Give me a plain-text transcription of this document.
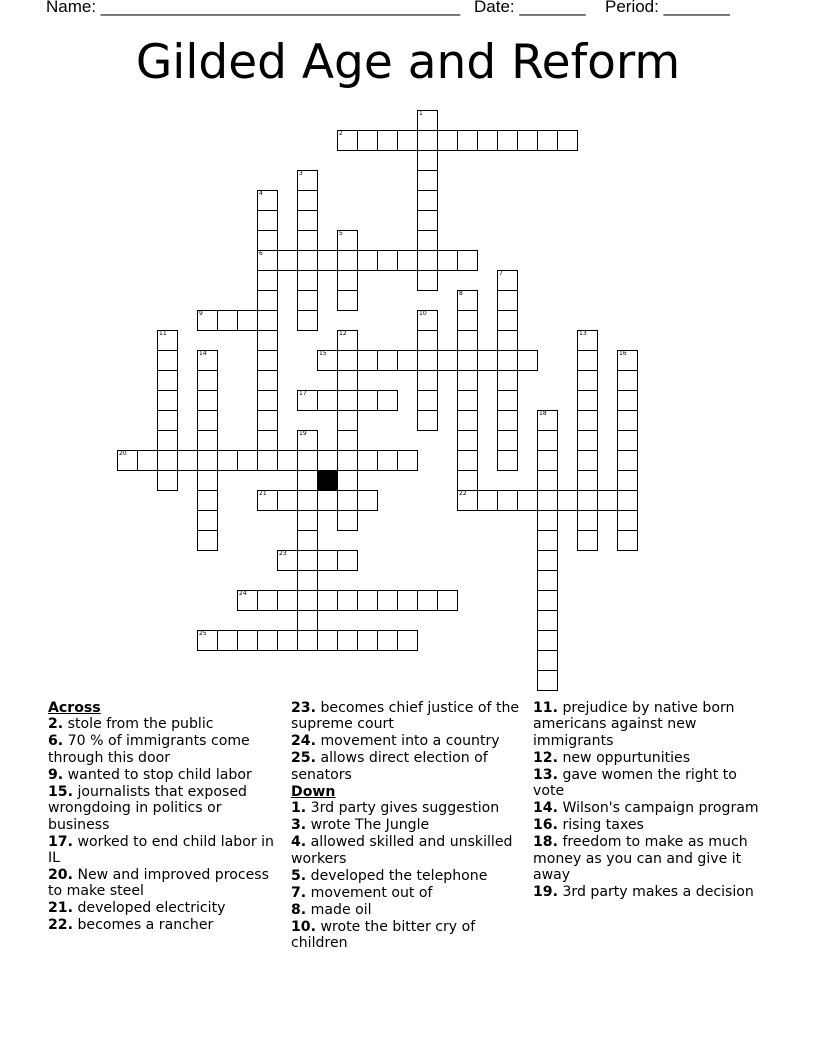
Name: ______________________________________ Date: _______ Period: _______
Gilded Age and Reform
1
2
3
4
6
5
7
8
22
9	10
11	12	13
14	15	16
17
18
19
20
21
23
24
25
Across
2. stole from the public
6. 70 % of immigrants come through this door
9. wanted to stop child labor
15. journalists that exposed wrongdoing in politics or business
17. worked to end child labor in IL
20. New and improved process to make steel
21. developed electricity
22. becomes a rancher
23. becomes chief justice of the supreme court
24. movement into a country
25. allows direct election of senators
Down
1. 3rd party gives suggestion
3. wrote The Jungle
4. allowed skilled and unskilled workers
5. developed the telephone
7. movement out of
8. made oil
10. wrote the bitter cry of children
11. prejudice by native born americans against new immigrants
12. new oppurtunities
13. gave women the right to vote
14. Wilson's campaign program
16. rising taxes
18. freedom to make as much money as you can and give it away
19. 3rd party makes a decision
